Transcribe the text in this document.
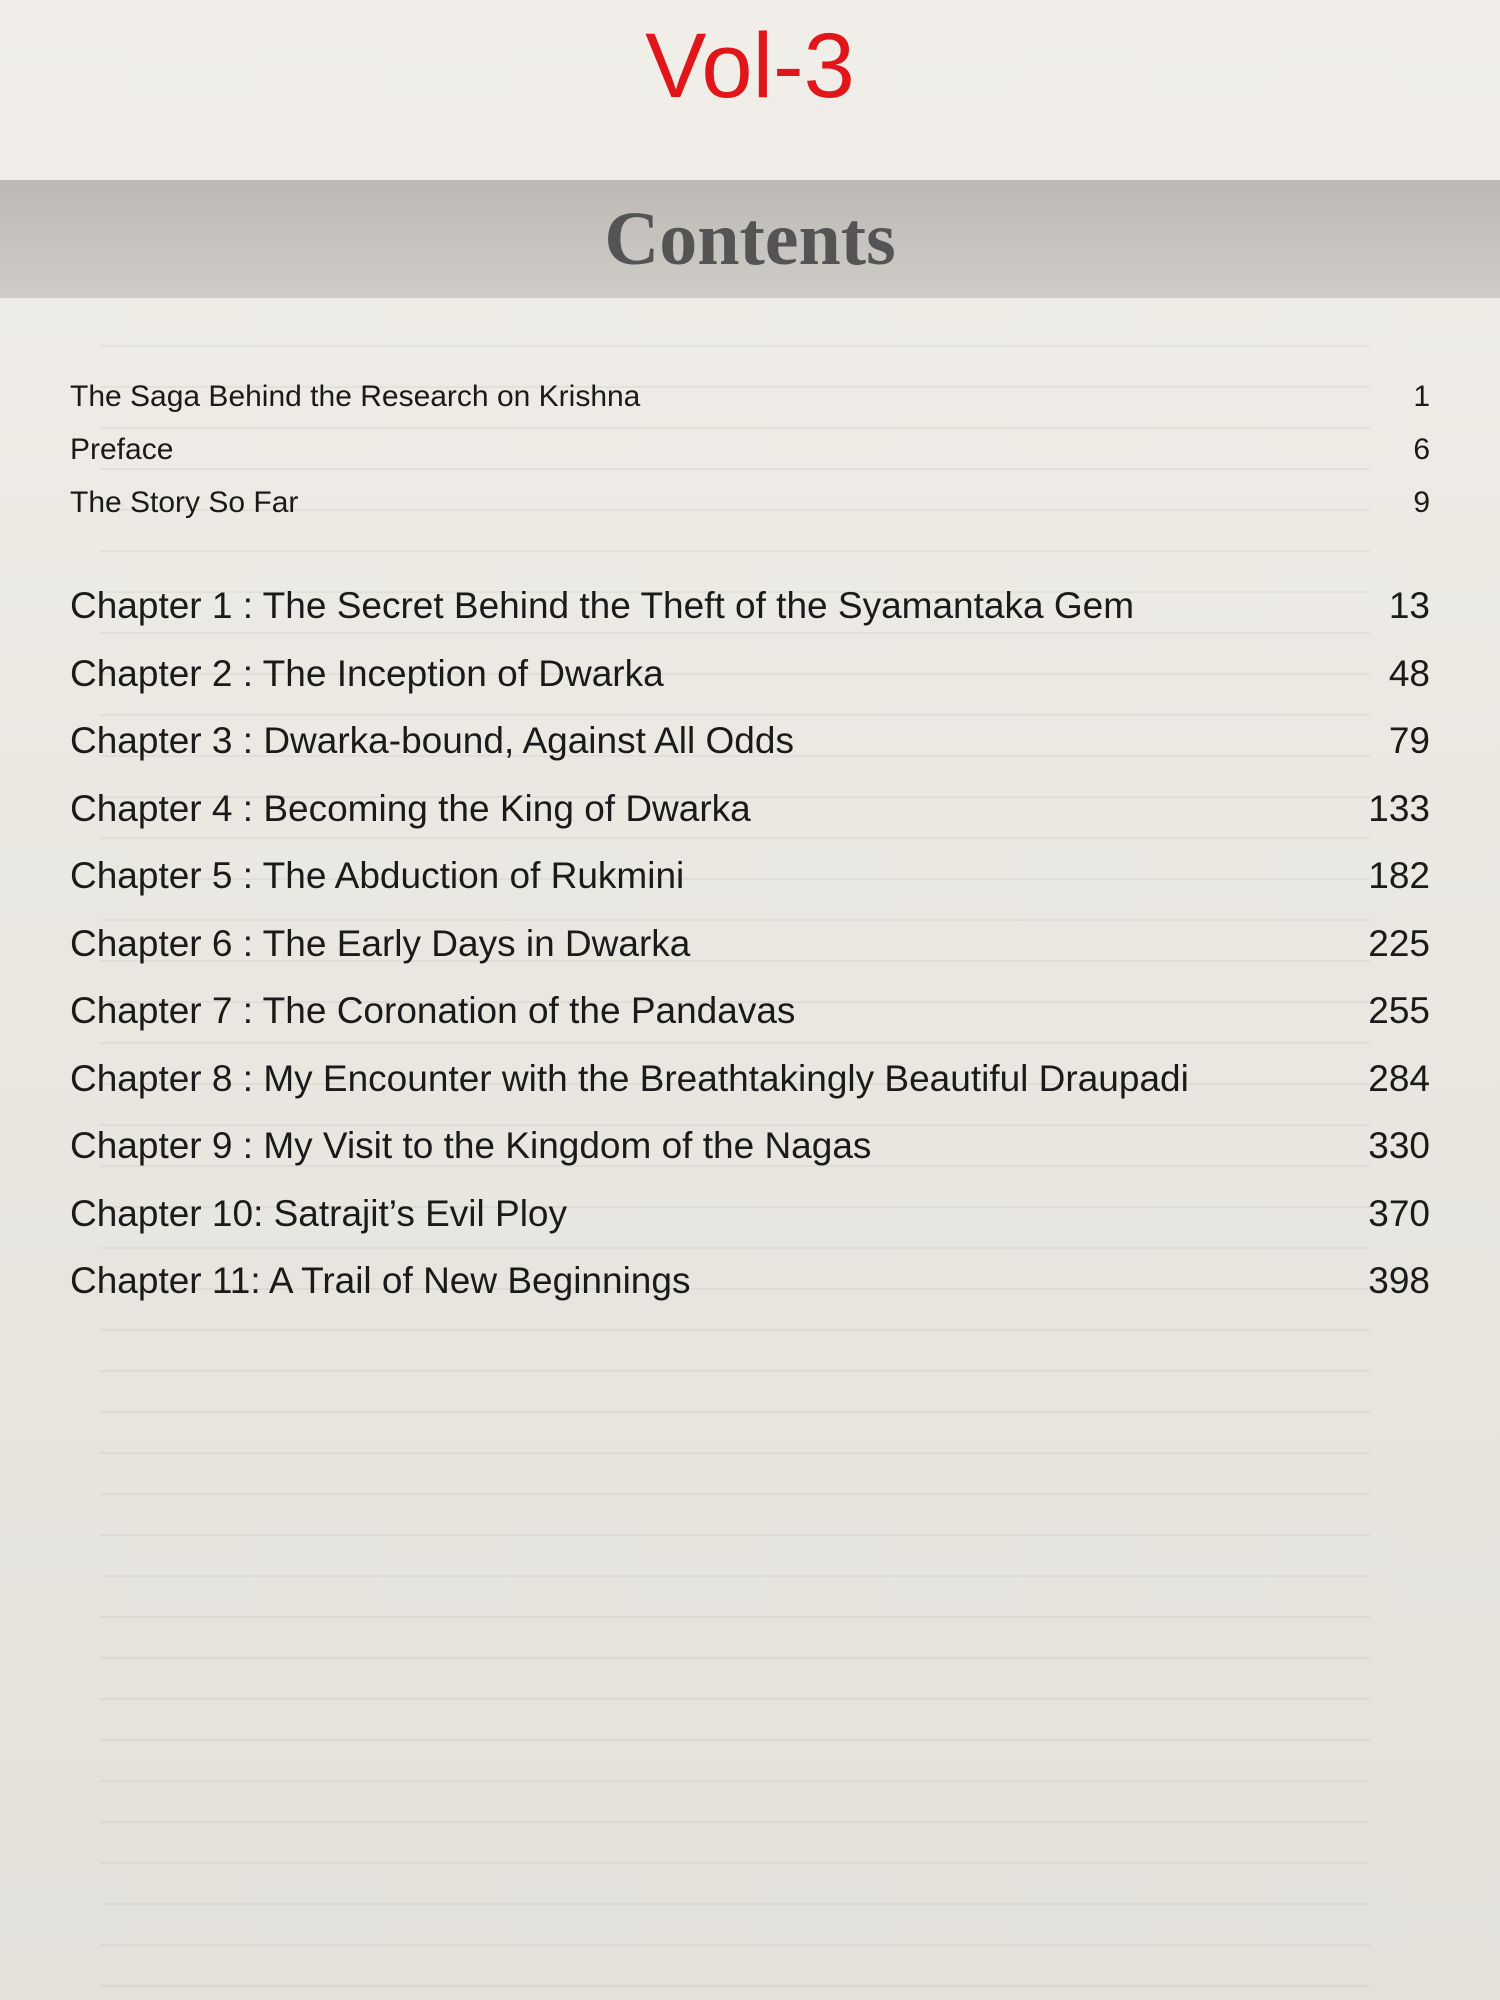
Vol-3
Contents
The Saga Behind the Research on Krishna	1
Preface	6
The Story So Far	9
Chapter 1 : The Secret Behind the Theft of the Syamantaka Gem	13
Chapter 2 : The Inception of Dwarka	48
Chapter 3 : Dwarka-bound, Against All Odds	79
Chapter 4 : Becoming the King of Dwarka	133
Chapter 5 : The Abduction of Rukmini	182
Chapter 6 : The Early Days in Dwarka	225
Chapter 7 : The Coronation of the Pandavas	255
Chapter 8 : My Encounter with the Breathtakingly Beautiful Draupadi	284
Chapter 9 : My Visit to the Kingdom of the Nagas	330
Chapter 10: Satrajit’s Evil Ploy	370
Chapter 11: A Trail of New Beginnings	398
